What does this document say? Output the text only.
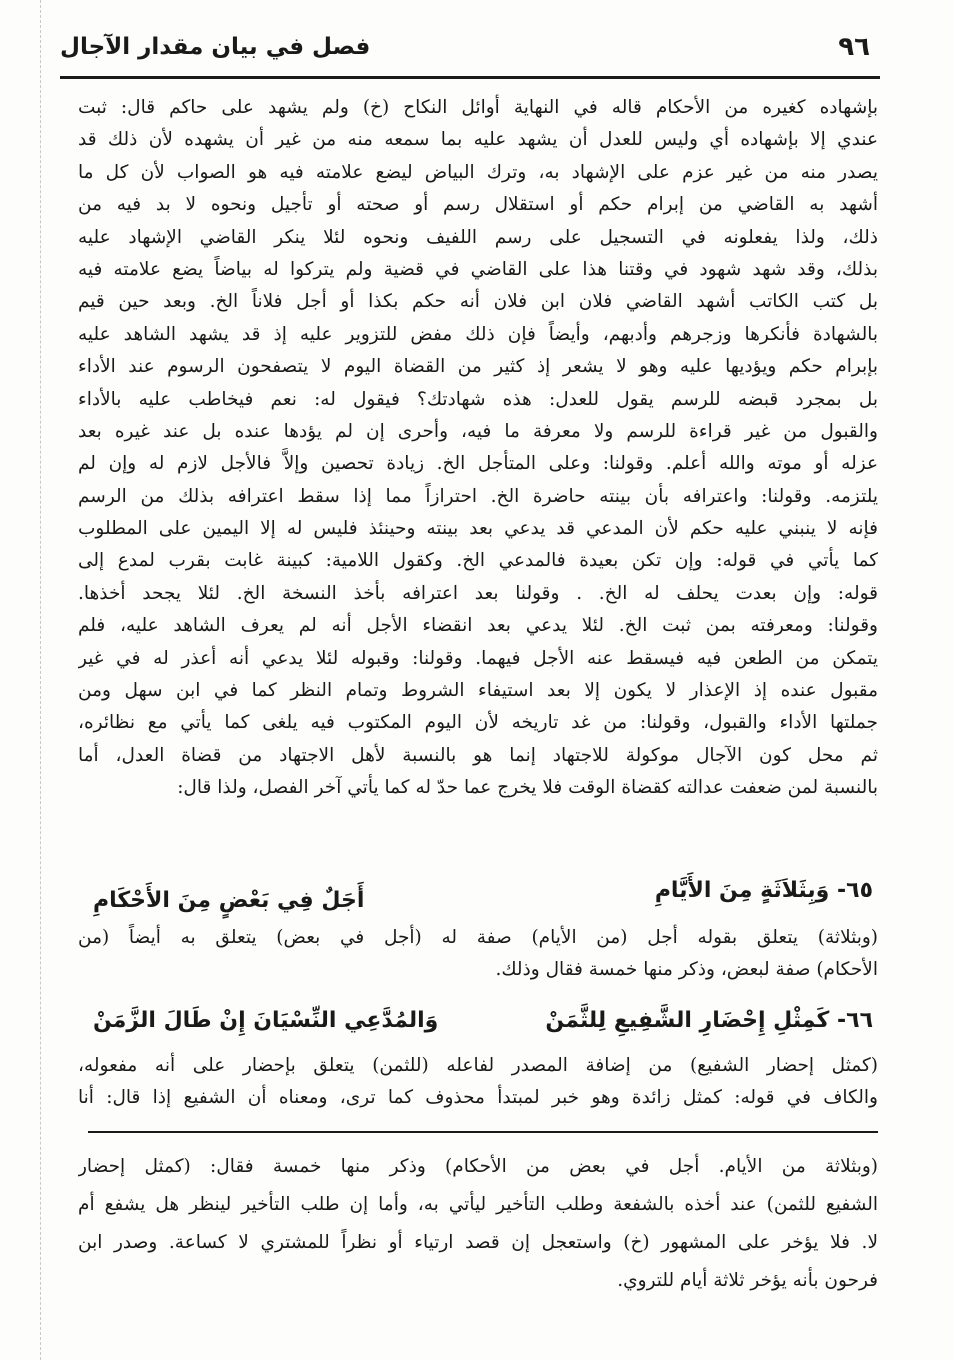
٩٦
فصل في بيان مقدار الآجال
بإشهاده كغيره من الأحكام قاله في النهاية أوائل النكاح (خ) ولم يشهد على حاكم قال: ثبت
عندي إلا بإشهاده أي وليس للعدل أن يشهد عليه بما سمعه منه من غير أن يشهده لأن ذلك قد
يصدر منه من غير عزم على الإشهاد به، وترك البياض ليضع علامته فيه هو الصواب لأن كل ما
أشهد به القاضي من إبرام حكم أو استقلال رسم أو صحته أو تأجيل ونحوه لا بد فيه من
ذلك، ولذا يفعلونه في التسجيل على رسم اللفيف ونحوه لئلا ينكر القاضي الإشهاد عليه
بذلك، وقد شهد شهود في وقتنا هذا على القاضي في قضية ولم يتركوا له بياضاً يضع علامته فيه
بل كتب الكاتب أشهد القاضي فلان ابن فلان أنه حكم بكذا أو أجل فلاناً الخ. وبعد حين قيم
بالشهادة فأنكرها وزجرهم وأدبهم، وأيضاً فإن ذلك مفض للتزوير عليه إذ قد يشهد الشاهد عليه
بإبرام حكم ويؤديها عليه وهو لا يشعر إذ كثير من القضاة اليوم لا يتصفحون الرسوم عند الأداء
بل بمجرد قبضه للرسم يقول للعدل: هذه شهادتك؟ فيقول له: نعم فيخاطب عليه بالأداء
والقبول من غير قراءة للرسم ولا معرفة ما فيه، وأحرى إن لم يؤدها عنده بل عند غيره بعد
عزله أو موته والله أعلم. وقولنا: وعلى المتأجل الخ. زيادة تحصين وإلاَّ فالأجل لازم له وإن لم
يلتزمه. وقولنا: واعترافه بأن بينته حاضرة الخ. احترازاً مما إذا سقط اعترافه بذلك من الرسم
فإنه لا ينبني عليه حكم لأن المدعي قد يدعي بعد بينته وحينئذ فليس له إلا اليمين على المطلوب
كما يأتي في قوله: وإن تكن بعيدة فالمدعي الخ. وكقول اللامية: كبينة غابت بقرب لمدع إلى
قوله: وإن بعدت يحلف له الخ. . وقولنا بعد اعترافه بأخذ النسخة الخ. لئلا يجحد أخذها.
وقولنا: ومعرفته بمن ثبت الخ. لئلا يدعي بعد انقضاء الأجل أنه لم يعرف الشاهد عليه، فلم
يتمكن من الطعن فيه فيسقط عنه الأجل فيهما. وقولنا: وقبوله لئلا يدعي أنه أعذر له في غير
مقبول عنده إذ الإعذار لا يكون إلا بعد استيفاء الشروط وتمام النظر كما في ابن سهل ومن
جملتها الأداء والقبول، وقولنا: من غد تاريخه لأن اليوم المكتوب فيه يلغى كما يأتي مع نظائره،
ثم محل كون الآجال موكولة للاجتهاد إنما هو بالنسبة لأهل الاجتهاد من قضاة العدل، أما
بالنسبة لمن ضعفت عدالته كقضاة الوقت فلا يخرج عما حدّ له كما يأتي آخر الفصل، ولذا قال:
٦٥- وَبِثَلاَثَةٍ مِنَ الأَيَّامِ
أَجَلٌ فِي بَعْضٍ مِنَ الأَحْكَامِ
(وبثلاثة) يتعلق بقوله أجل (من الأيام) صفة له (أجل في بعض) يتعلق به أيضاً (من
الأحكام) صفة لبعض، وذكر منها خمسة فقال وذلك.
٦٦- كَمِثْلِ إِحْضَارِ الشَّفِيعِ لِلثَّمَنْ
وَالمُدَّعِي النِّسْيَانَ إِنْ طَالَ الزَّمَنْ
(كمثل إحضار الشفيع) من إضافة المصدر لفاعله (للثمن) يتعلق بإحضار على أنه مفعوله،
والكاف في قوله: كمثل زائدة وهو خبر لمبتدأ محذوف كما ترى، ومعناه أن الشفيع إذا قال: أنا
(وبثلاثة من الأيام. أجل في بعض من الأحكام) وذكر منها خمسة فقال: (كمثل إحضار
الشفيع للثمن) عند أخذه بالشفعة وطلب التأخير ليأتي به، وأما إن طلب التأخير لينظر هل يشفع أم
لا. فلا يؤخر على المشهور (خ) واستعجل إن قصد ارتياء أو نظراً للمشتري لا كساعة. وصدر ابن
فرحون بأنه يؤخر ثلاثة أيام للتروي.
